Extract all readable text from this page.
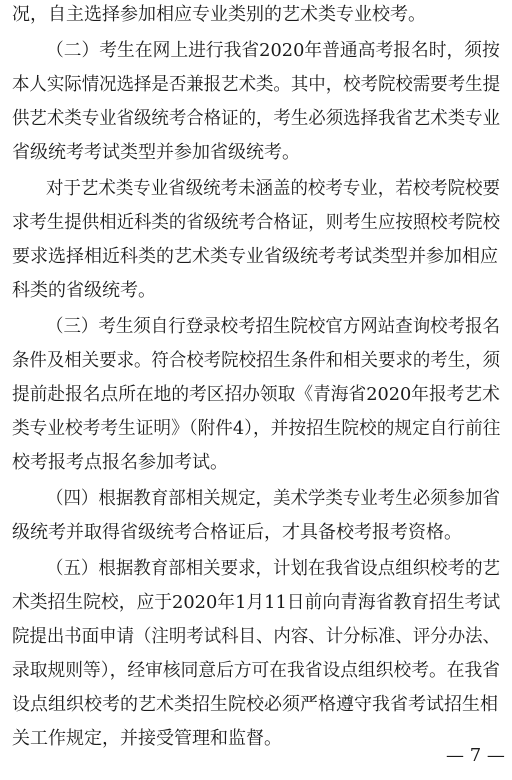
况，自主选择参加相应专业类别的艺术类专业校考。
（二）考生在网上进行我省2020年普通高考报名时，须按
本人实际情况选择是否兼报艺术类。其中，校考院校需要考生提
供艺术类专业省级统考合格证的，考生必须选择我省艺术类专业
省级统考考试类型并参加省级统考。
对于艺术类专业省级统考未涵盖的校考专业，若校考院校要
求考生提供相近科类的省级统考合格证，则考生应按照校考院校
要求选择相近科类的艺术类专业省级统考考试类型并参加相应
科类的省级统考。
（三）考生须自行登录校考招生院校官方网站查询校考报名
条件及相关要求。符合校考院校招生条件和相关要求的考生，须
提前赴报名点所在地的考区招办领取《青海省2020年报考艺术
类专业校考考生证明》（附件4），并按招生院校的规定自行前往
校考报考点报名参加考试。
（四）根据教育部相关规定，美术学类专业考生必须参加省
级统考并取得省级统考合格证后，才具备校考报考资格。
（五）根据教育部相关要求，计划在我省设点组织校考的艺
术类招生院校，应于2020年1月11日前向青海省教育招生考试
院提出书面申请（注明考试科目、内容、计分标准、评分办法、
录取规则等），经审核同意后方可在我省设点组织校考。在我省
设点组织校考的艺术类招生院校必须严格遵守我省考试招生相
关工作规定，并接受管理和监督。
— 7 —
